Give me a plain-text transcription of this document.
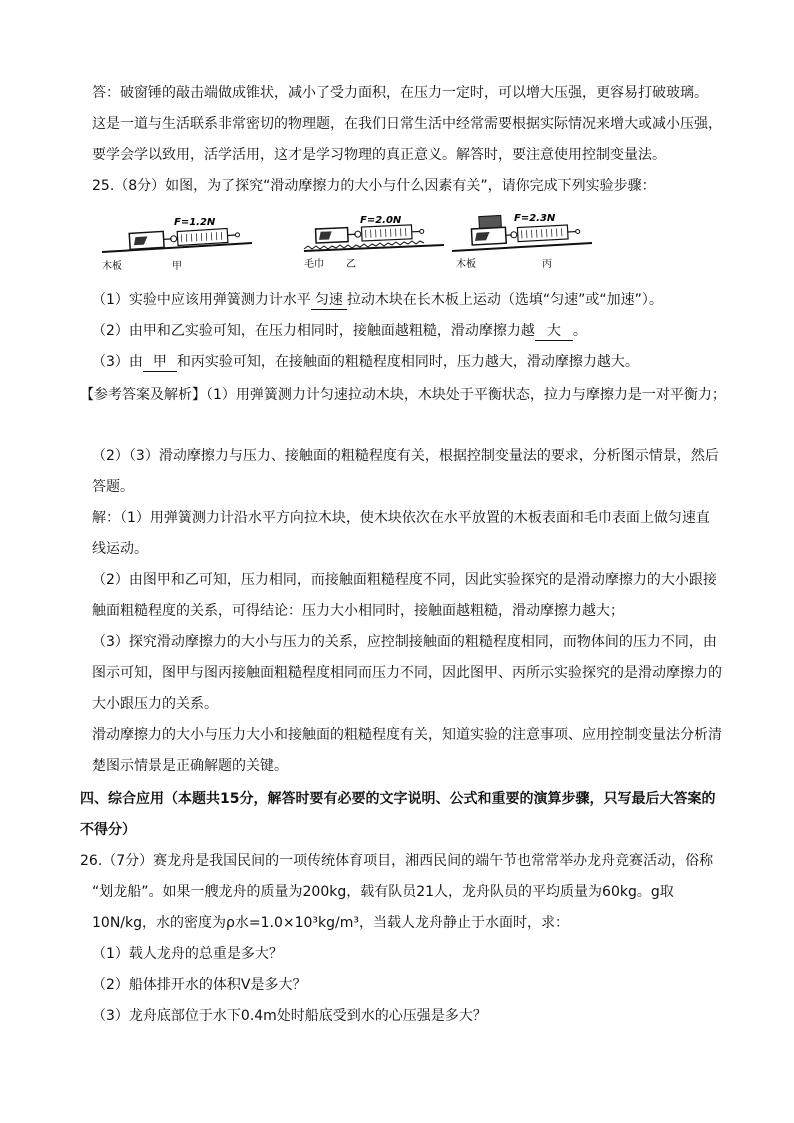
答：破窗锤的敲击端做成锥状，减小了受力面积，在压力一定时，可以增大压强，更容易打破玻璃。
这是一道与生活联系非常密切的物理题，在我们日常生活中经常需要根据实际情况来增大或减小压强，
要学会学以致用，活学活用，这才是学习物理的真正意义。解答时，要注意使用控制变量法。
25.（8分）如图，为了探究“滑动摩擦力的大小与什么因素有关”，请你完成下列实验步骤：
F=1.2N
木板	甲
F=2.0N
毛巾 乙
F=2.3N
木板	丙
（1）实验中应该用弹簧测力计水平 匀速 拉动木块在长木板上运动（选填“匀速”或“加速”）。
（2）由甲和乙实验可知，在压力相同时，接触面越粗糙，滑动摩擦力越 大 。
（3）由 甲 和丙实验可知，在接触面的粗糙程度相同时，压力越大，滑动摩擦力越大。
【参考答案及解析】（1）用弹簧测力计匀速拉动木块，木块处于平衡状态，拉力与摩擦力是一对平衡力；
（2）（3）滑动摩擦力与压力、接触面的粗糙程度有关，根据控制变量法的要求，分析图示情景，然后
答题。
解：（1）用弹簧测力计沿水平方向拉木块，使木块依次在水平放置的木板表面和毛巾表面上做匀速直
线运动。
（2）由图甲和乙可知，压力相同，而接触面粗糙程度不同，因此实验探究的是滑动摩擦力的大小跟接
触面粗糙程度的关系，可得结论：压力大小相同时，接触面越粗糙，滑动摩擦力越大；
（3）探究滑动摩擦力的大小与压力的关系，应控制接触面的粗糙程度相同，而物体间的压力不同，由
图示可知，图甲与图丙接触面粗糙程度相同而压力不同，因此图甲、丙所示实验探究的是滑动摩擦力的
大小跟压力的关系。
滑动摩擦力的大小与压力大小和接触面的粗糙程度有关，知道实验的注意事项、应用控制变量法分析清
楚图示情景是正确解题的关键。
四、综合应用（本题共15分，解答时要有必要的文字说明、公式和重要的演算步骤，只写最后大答案的
不得分）
26.（7分）赛龙舟是我国民间的一项传统体育项目，湘西民间的端午节也常常举办龙舟竞赛活动，俗称
“划龙船”。如果一艘龙舟的质量为200kg，载有队员21人，龙舟队员的平均质量为60kg。g取
10N/kg，水的密度为ρ水=1.0×10³kg/m³，当载人龙舟静止于水面时，求：
（1）载人龙舟的总重是多大？
（2）船体排开水的体积V是多大？
（3）龙舟底部位于水下0.4m处时船底受到水的心压强是多大？
